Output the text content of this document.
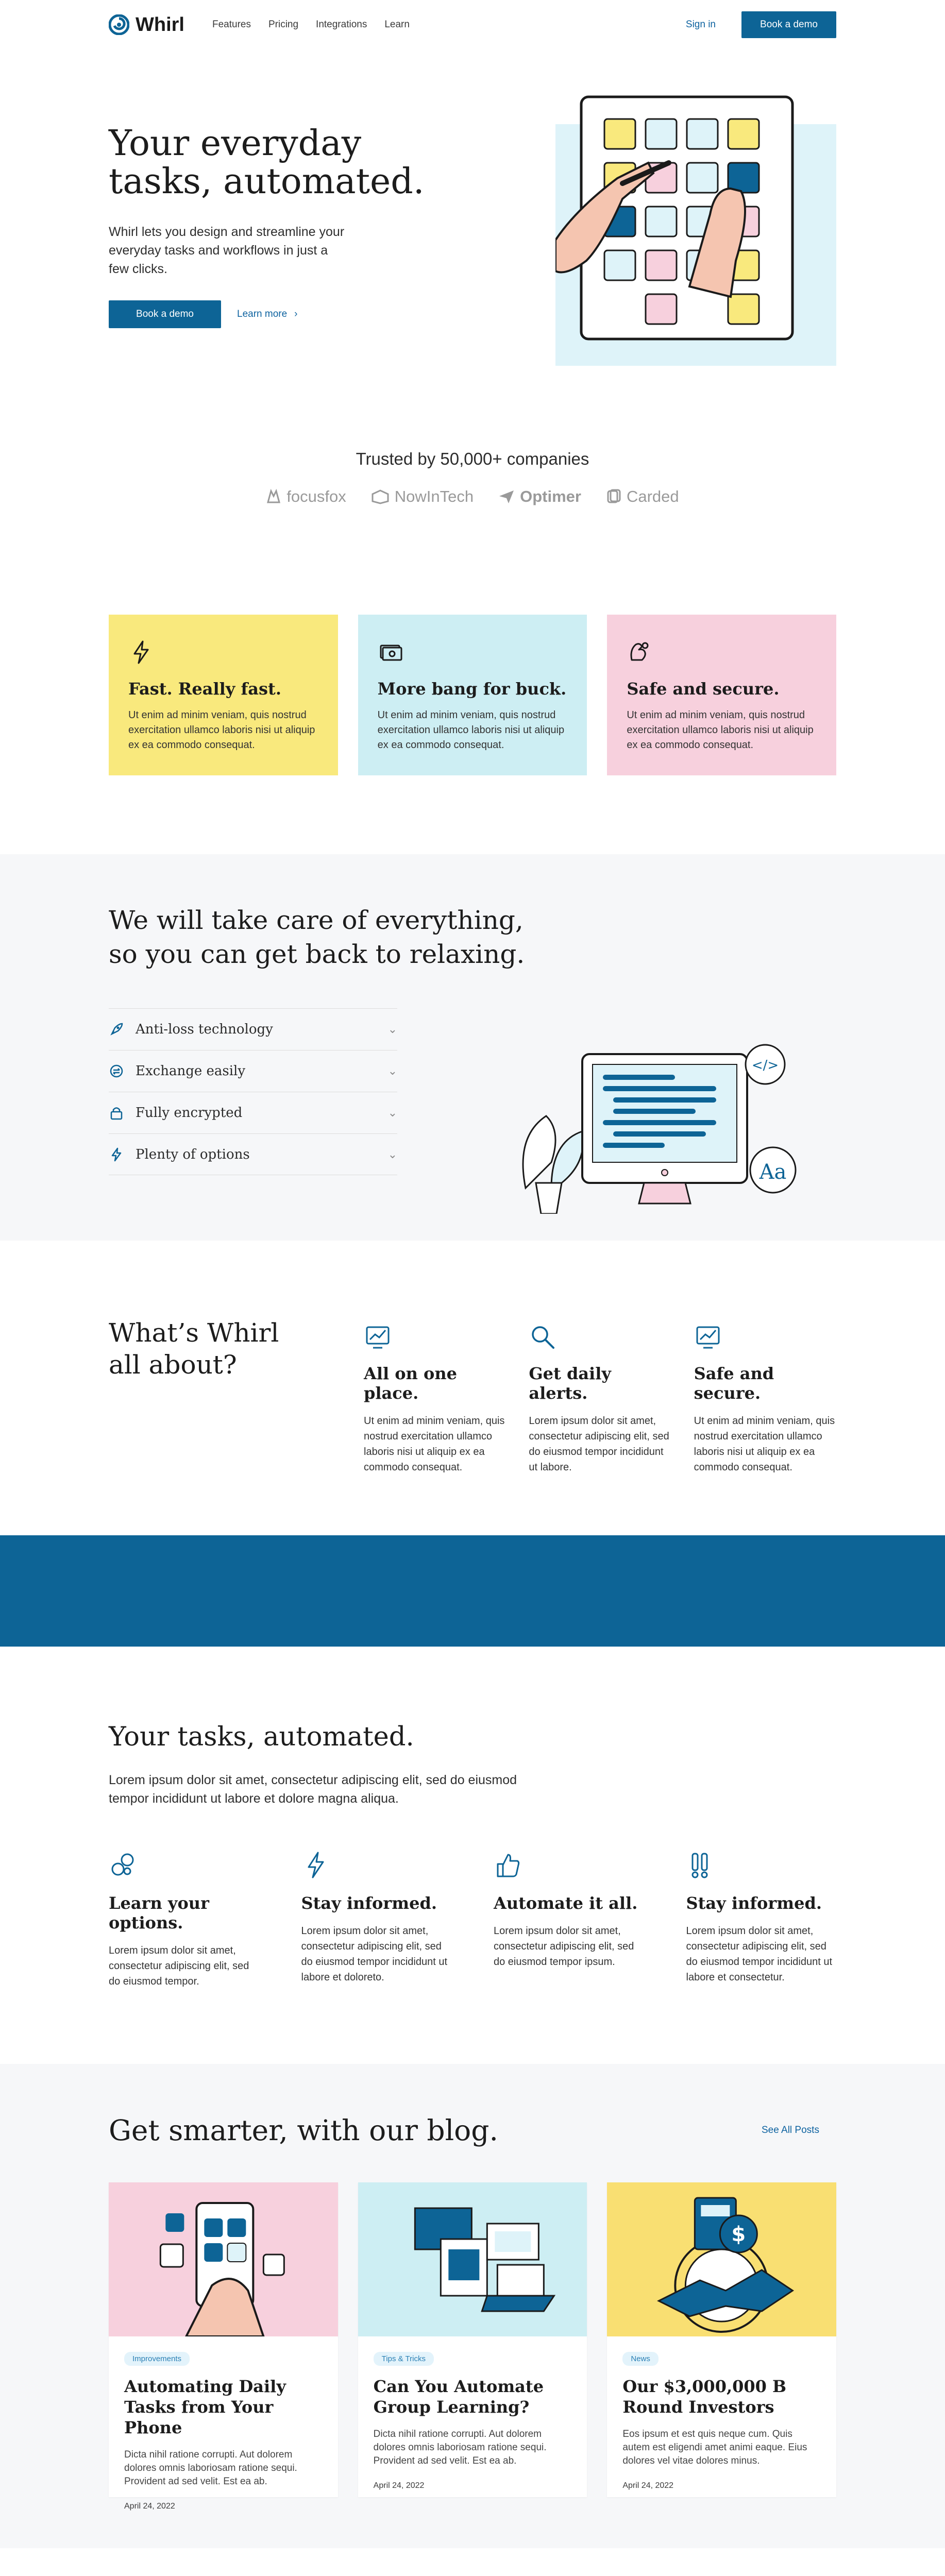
Whirl	Features Pricing Integrations Learn	Sign in	Book a demo
Your everyday
tasks, automated.

Whirl lets you design and streamline your everyday tasks and workflows in just a few clicks.

Book a demo	Learn more ›
Trusted by 50,000+ companies
focusfox	NowInTech	Optimer	Carded
Fast. Really fast.

Ut enim ad minim veniam, quis nostrud exercitation ullamco laboris nisi ut aliquip ex ea commodo consequat.

More bang for buck.

Ut enim ad minim veniam, quis nostrud exercitation ullamco laboris nisi ut aliquip ex ea commodo consequat.

Safe and secure.

Ut enim ad minim veniam, quis nostrud exercitation ullamco laboris nisi ut aliquip ex ea commodo consequat.

We will take care of everything,
so you can get back to relaxing.
Anti-loss technology	⌄
Exchange easily	⌄
Fully encrypted	⌄
Plenty of options	⌄
</>
Aa
What’s Whirl
all about?	All on one place.

Ut enim ad minim veniam, quis nostrud exercitation ullamco laboris nisi ut aliquip ex ea commodo consequat.

Get daily alerts.

Lorem ipsum dolor sit amet, consectetur adipiscing elit, sed do eiusmod tempor incididunt ut labore.

Safe and secure.

Ut enim ad minim veniam, quis nostrud exercitation ullamco laboris nisi ut aliquip ex ea commodo consequat.

Your tasks, automated.

Lorem ipsum dolor sit amet, consectetur adipiscing elit, sed do eiusmod tempor incididunt ut labore et dolore magna aliqua.

Learn your options.

Lorem ipsum dolor sit amet, consectetur adipiscing elit, sed do eiusmod tempor.

Stay informed.

Lorem ipsum dolor sit amet, consectetur adipiscing elit, sed do eiusmod tempor incididunt ut labore et doloreto.

Automate it all.

Lorem ipsum dolor sit amet, consectetur adipiscing elit, sed do eiusmod tempor ipsum.

Stay informed.

Lorem ipsum dolor sit amet, consectetur adipiscing elit, sed do eiusmod tempor incididunt ut labore et consectetur.

Get smarter, with our blog.	See All Posts
Improvements
Automating Daily Tasks from Your Phone

Dicta nihil ratione corrupti. Aut dolorem dolores omnis laboriosam ratione sequi. Provident ad sed velit. Est ea ab.

April 24, 2022
Tips & Tricks
Can You Automate Group Learning?

Dicta nihil ratione corrupti. Aut dolorem dolores omnis laboriosam ratione sequi. Provident ad sed velit. Est ea ab.

April 24, 2022
$
News
Our $3,000,000 B Round Investors

Eos ipsum et est quis neque cum. Quis autem est eligendi amet animi eaque. Eius dolores vel vitae dolores minus.

April 24, 2022
